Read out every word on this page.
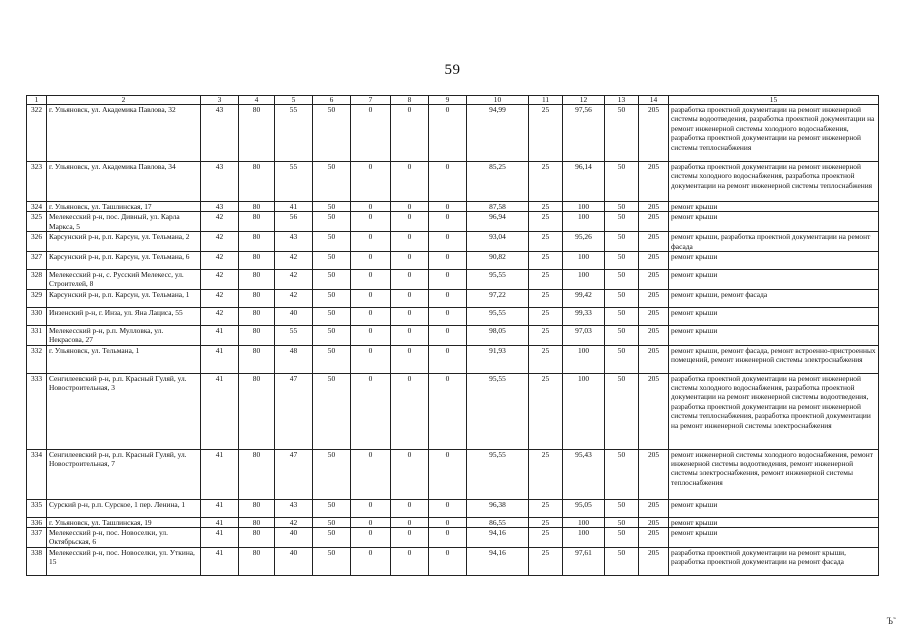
59
1	2	3	4	5	6	7	8	9	10	11	12	13	14	15
322	г. Ульяновск, ул. Академика Павлова, 32	43	80	55	50	0	0	0	94,99	25	97,56	50	205	разработка проектной документации на ремонт инженерной системы водоотведения, разработка проектной документации на ремонт инженерной системы холодного водоснабжения, разработка проектной документации на ремонт инженерной системы теплоснабжения
323	г. Ульяновск, ул. Академика Павлова, 34	43	80	55	50	0	0	0	85,25	25	96,14	50	205	разработка проектной документации на ремонт инженерной системы холодного водоснабжения, разработка проектной документации на ремонт инженерной системы теплоснабжения
324	г. Ульяновск, ул. Ташлинская, 17	43	80	41	50	0	0	0	87,58	25	100	50	205	ремонт крыши
325	Мелекесский р-н, пос. Дивный, ул. Карла Маркса, 5	42	80	56	50	0	0	0	96,94	25	100	50	205	ремонт крыши
326	Карсунский р-н, р.п. Карсун, ул. Тельмана, 2	42	80	43	50	0	0	0	93,04	25	95,26	50	205	ремонт крыши, разработка проектной документации на ремонт фасада
327	Карсунский р-н, р.п. Карсун, ул. Тельмана, 6	42	80	42	50	0	0	0	90,82	25	100	50	205	ремонт крыши
328	Мелекесский р-н, с. Русский Мелекесс, ул. Строителей, 8	42	80	42	50	0	0	0	95,55	25	100	50	205	ремонт крыши
329	Карсунский р-н, р.п. Карсун, ул. Тельмана, 1	42	80	42	50	0	0	0	97,22	25	99,42	50	205	ремонт крыши, ремонт фасада
330	Инзенский р-н, г. Инза, ул. Яна Лациса, 55	42	80	40	50	0	0	0	95,55	25	99,33	50	205	ремонт крыши
331	Мелекесский р-н, р.п. Мулловка, ул. Некрасова, 27	41	80	55	50	0	0	0	98,05	25	97,03	50	205	ремонт крыши
332	г. Ульяновск, ул. Тельмана, 1	41	80	48	50	0	0	0	91,93	25	100	50	205	ремонт крыши, ремонт фасада, ремонт встроенно-пристроенных помещений, ремонт инженерной системы электроснабжения
333	Сенгилеевский р-н, р.п. Красный Гуляй, ул. Новостроительная, 3	41	80	47	50	0	0	0	95,55	25	100	50	205	разработка проектной документации на ремонт инженерной системы холодного водоснабжения, разработка проектной документации на ремонт инженерной системы водоотведения, разработка проектной документации на ремонт инженерной системы теплоснабжения, разработка проектной документации на ремонт инженерной системы электроснабжения
334	Сенгилеевский р-н, р.п. Красный Гуляй, ул. Новостроительная, 7	41	80	47	50	0	0	0	95,55	25	95,43	50	205	ремонт инженерной системы холодного водоснабжения, ремонт инженерной системы водоотведения, ремонт инженерной системы электроснабжения, ремонт инженерной системы теплоснабжения
335	Сурский р-н, р.п. Сурское, 1 пер. Ленина, 1	41	80	43	50	0	0	0	96,38	25	95,05	50	205	ремонт крыши
336	г. Ульяновск, ул. Ташлинская, 19	41	80	42	50	0	0	0	86,55	25	100	50	205	ремонт крыши
337	Мелекесский р-н, пос. Новоселки, ул. Октябрьская, 6	41	80	40	50	0	0	0	94,16	25	100	50	205	ремонт крыши
338	Мелекесский р-н, пос. Новоселки, ул. Уткина, 15	41	80	40	50	0	0	0	94,16	25	97,61	50	205	разработка проектной документации на ремонт крыши, разработка проектной документации на ремонт фасада
Ъ̃
